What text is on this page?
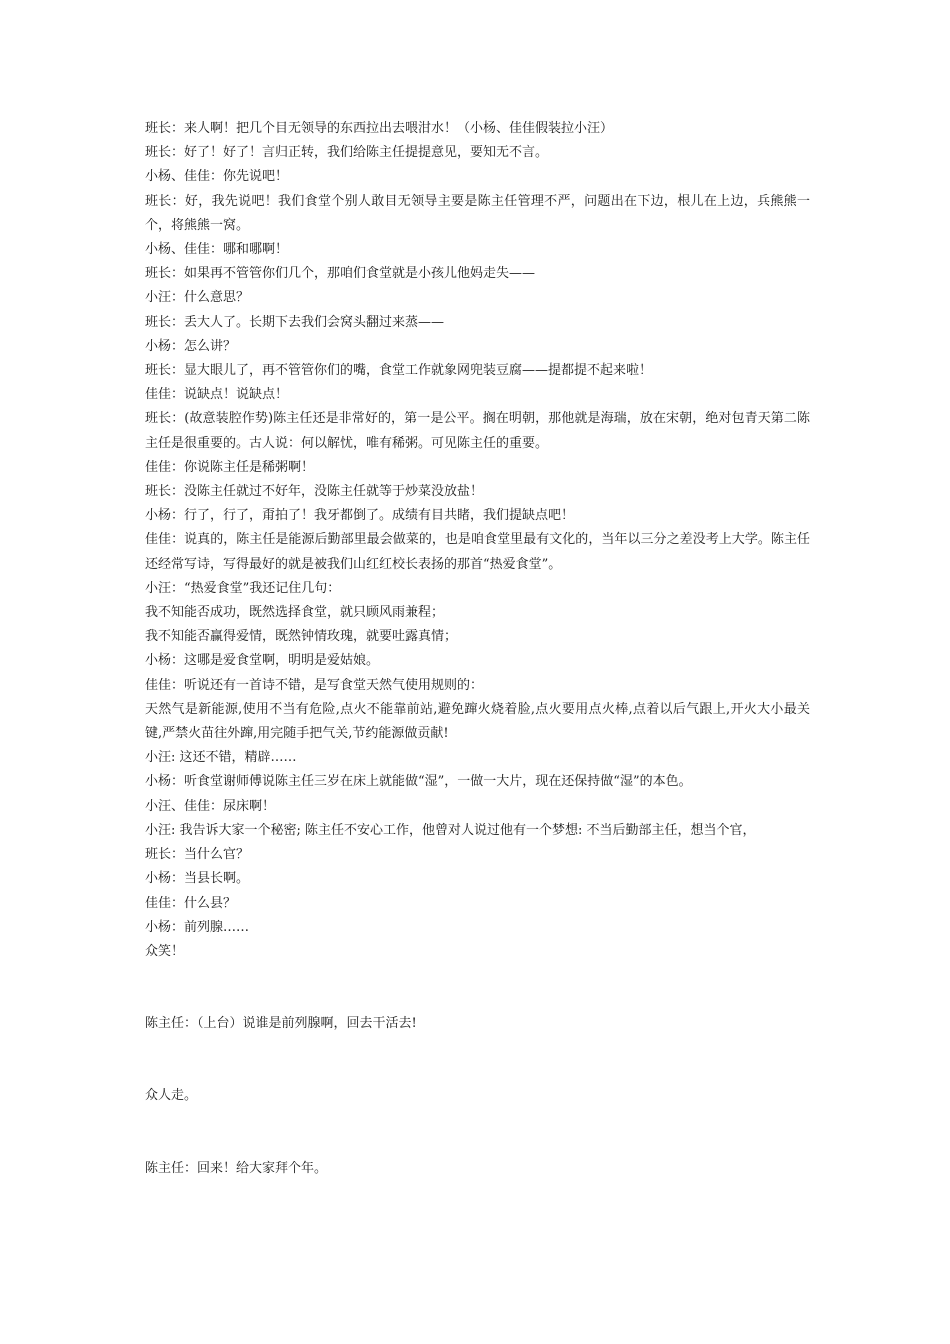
班长：来人啊！把几个目无领导的东西拉出去喂泔水！（小杨、佳佳假装拉小汪）

班长：好了！好了！言归正转，我们给陈主任提提意见，要知无不言。

小杨、佳佳：你先说吧！

班长：好，我先说吧！我们食堂个别人敢目无领导主要是陈主任管理不严，问题出在下边，根儿在上边，兵熊熊一个，将熊熊一窝。

小杨、佳佳：哪和哪啊！

班长：如果再不管管你们几个，那咱们食堂就是小孩儿他妈走失——

小汪：什么意思？

班长：丢大人了。长期下去我们会窝头翻过来蒸——

小杨：怎么讲？

班长：显大眼儿了，再不管管你们的嘴，食堂工作就象网兜装豆腐——提都提不起来啦！

佳佳：说缺点！说缺点！

班长：(故意装腔作势)陈主任还是非常好的，第一是公平。搁在明朝，那他就是海瑞，放在宋朝，绝对包青天第二陈主任是很重要的。古人说：何以解忧，唯有稀粥。可见陈主任的重要。

佳佳：你说陈主任是稀粥啊！

班长：没陈主任就过不好年，没陈主任就等于炒菜没放盐！

小杨：行了，行了，甭拍了！我牙都倒了。成绩有目共睹，我们提缺点吧！

佳佳：说真的，陈主任是能源后勤部里最会做菜的，也是咱食堂里最有文化的，当年以三分之差没考上大学。陈主任还经常写诗，写得最好的就是被我们山红红校长表扬的那首“热爱食堂”。

小汪：“热爱食堂”我还记住几句：

我不知能否成功，既然选择食堂，就只顾风雨兼程；

我不知能否赢得爱情，既然钟情玫瑰，就要吐露真情；

小杨：这哪是爱食堂啊，明明是爱姑娘。

佳佳：听说还有一首诗不错，是写食堂天然气使用规则的：

天然气是新能源,使用不当有危险,点火不能靠前站,避免蹿火烧着脸,点火要用点火棒,点着以后气跟上,开火大小最关键,严禁火苗往外蹿,用完随手把气关,节约能源做贡献!

小汪: 这还不错，精辟……

小杨：听食堂谢师傅说陈主任三岁在床上就能做“湿”，一做一大片，现在还保持做“湿”的本色。

小汪、佳佳：尿床啊！

小汪: 我告诉大家一个秘密; 陈主任不安心工作，他曾对人说过他有一个梦想: 不当后勤部主任，想当个官，

班长：当什么官？

小杨：当县长啊。

佳佳：什么县？

小杨：前列腺……

众笑！

陈主任：（上台）说谁是前列腺啊，回去干活去!

众人走。

陈主任：回来！给大家拜个年。
